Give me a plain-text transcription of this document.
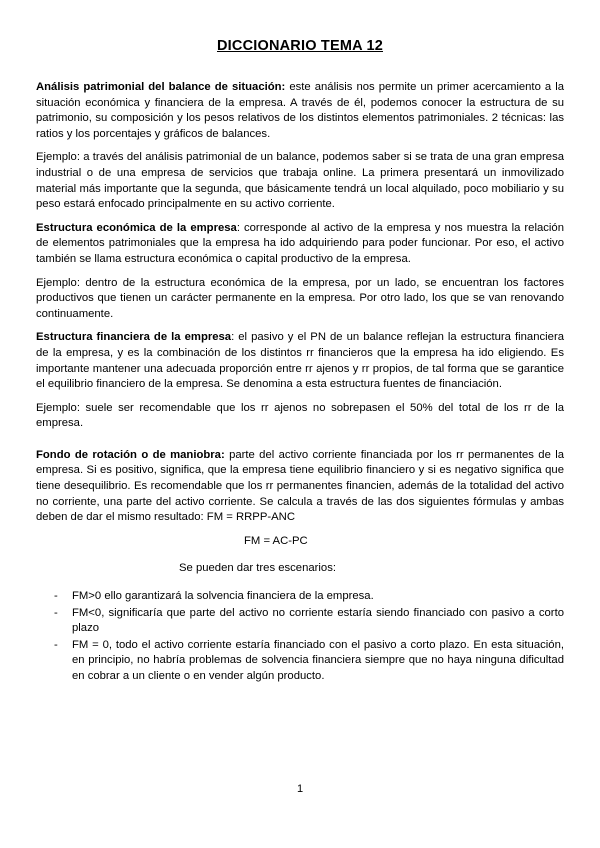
DICCIONARIO TEMA 12

Análisis patrimonial del balance de situación: este análisis nos permite un primer acercamiento a la situación económica y financiera de la empresa. A través de él, podemos conocer la estructura de su patrimonio, su composición y los pesos relativos de los distintos elementos patrimoniales. 2 técnicas: las ratios y los porcentajes y gráficos de balances.

Ejemplo: a través del análisis patrimonial de un balance, podemos saber si se trata de una gran empresa industrial o de una empresa de servicios que trabaja online. La primera presentará un inmovilizado material más importante que la segunda, que básicamente tendrá un local alquilado, poco mobiliario y su peso estará enfocado principalmente en su activo corriente.

Estructura económica de la empresa: corresponde al activo de la empresa y nos muestra la relación de elementos patrimoniales que la empresa ha ido adquiriendo para poder funcionar. Por eso, el activo también se llama estructura económica o capital productivo de la empresa.

Ejemplo: dentro de la estructura económica de la empresa, por un lado, se encuentran los factores productivos que tienen un carácter permanente en la empresa. Por otro lado, los que se van renovando continuamente.

Estructura financiera de la empresa: el pasivo y el PN de un balance reflejan la estructura financiera de la empresa, y es la combinación de los distintos rr financieros que la empresa ha ido eligiendo. Es importante mantener una adecuada proporción entre rr ajenos y rr propios, de tal forma que se garantice el equilibrio financiero de la empresa. Se denomina a esta estructura fuentes de financiación.

Ejemplo: suele ser recomendable que los rr ajenos no sobrepasen el 50% del total de los rr de la empresa.

Fondo de rotación o de maniobra: parte del activo corriente financiada por los rr permanentes de la empresa. Si es positivo, significa, que la empresa tiene equilibrio financiero y si es negativo significa que tiene desequilibrio. Es recomendable que los rr permanentes financien, además de la totalidad del activo no corriente, una parte del activo corriente. Se calcula a través de las dos siguientes fórmulas y ambas deben de dar el mismo resultado: FM = RRPP-ANC

FM = AC-PC
Se pueden dar tres escenarios:
- FM>0 ello garantizará la solvencia financiera de la empresa.
- FM<0, significaría que parte del activo no corriente estaría siendo financiado con pasivo a corto plazo
- FM = 0, todo el activo corriente estaría financiado con el pasivo a corto plazo. En esta situación, en principio, no habría problemas de solvencia financiera siempre que no haya ninguna dificultad en cobrar a un cliente o en vender algún producto.
1
